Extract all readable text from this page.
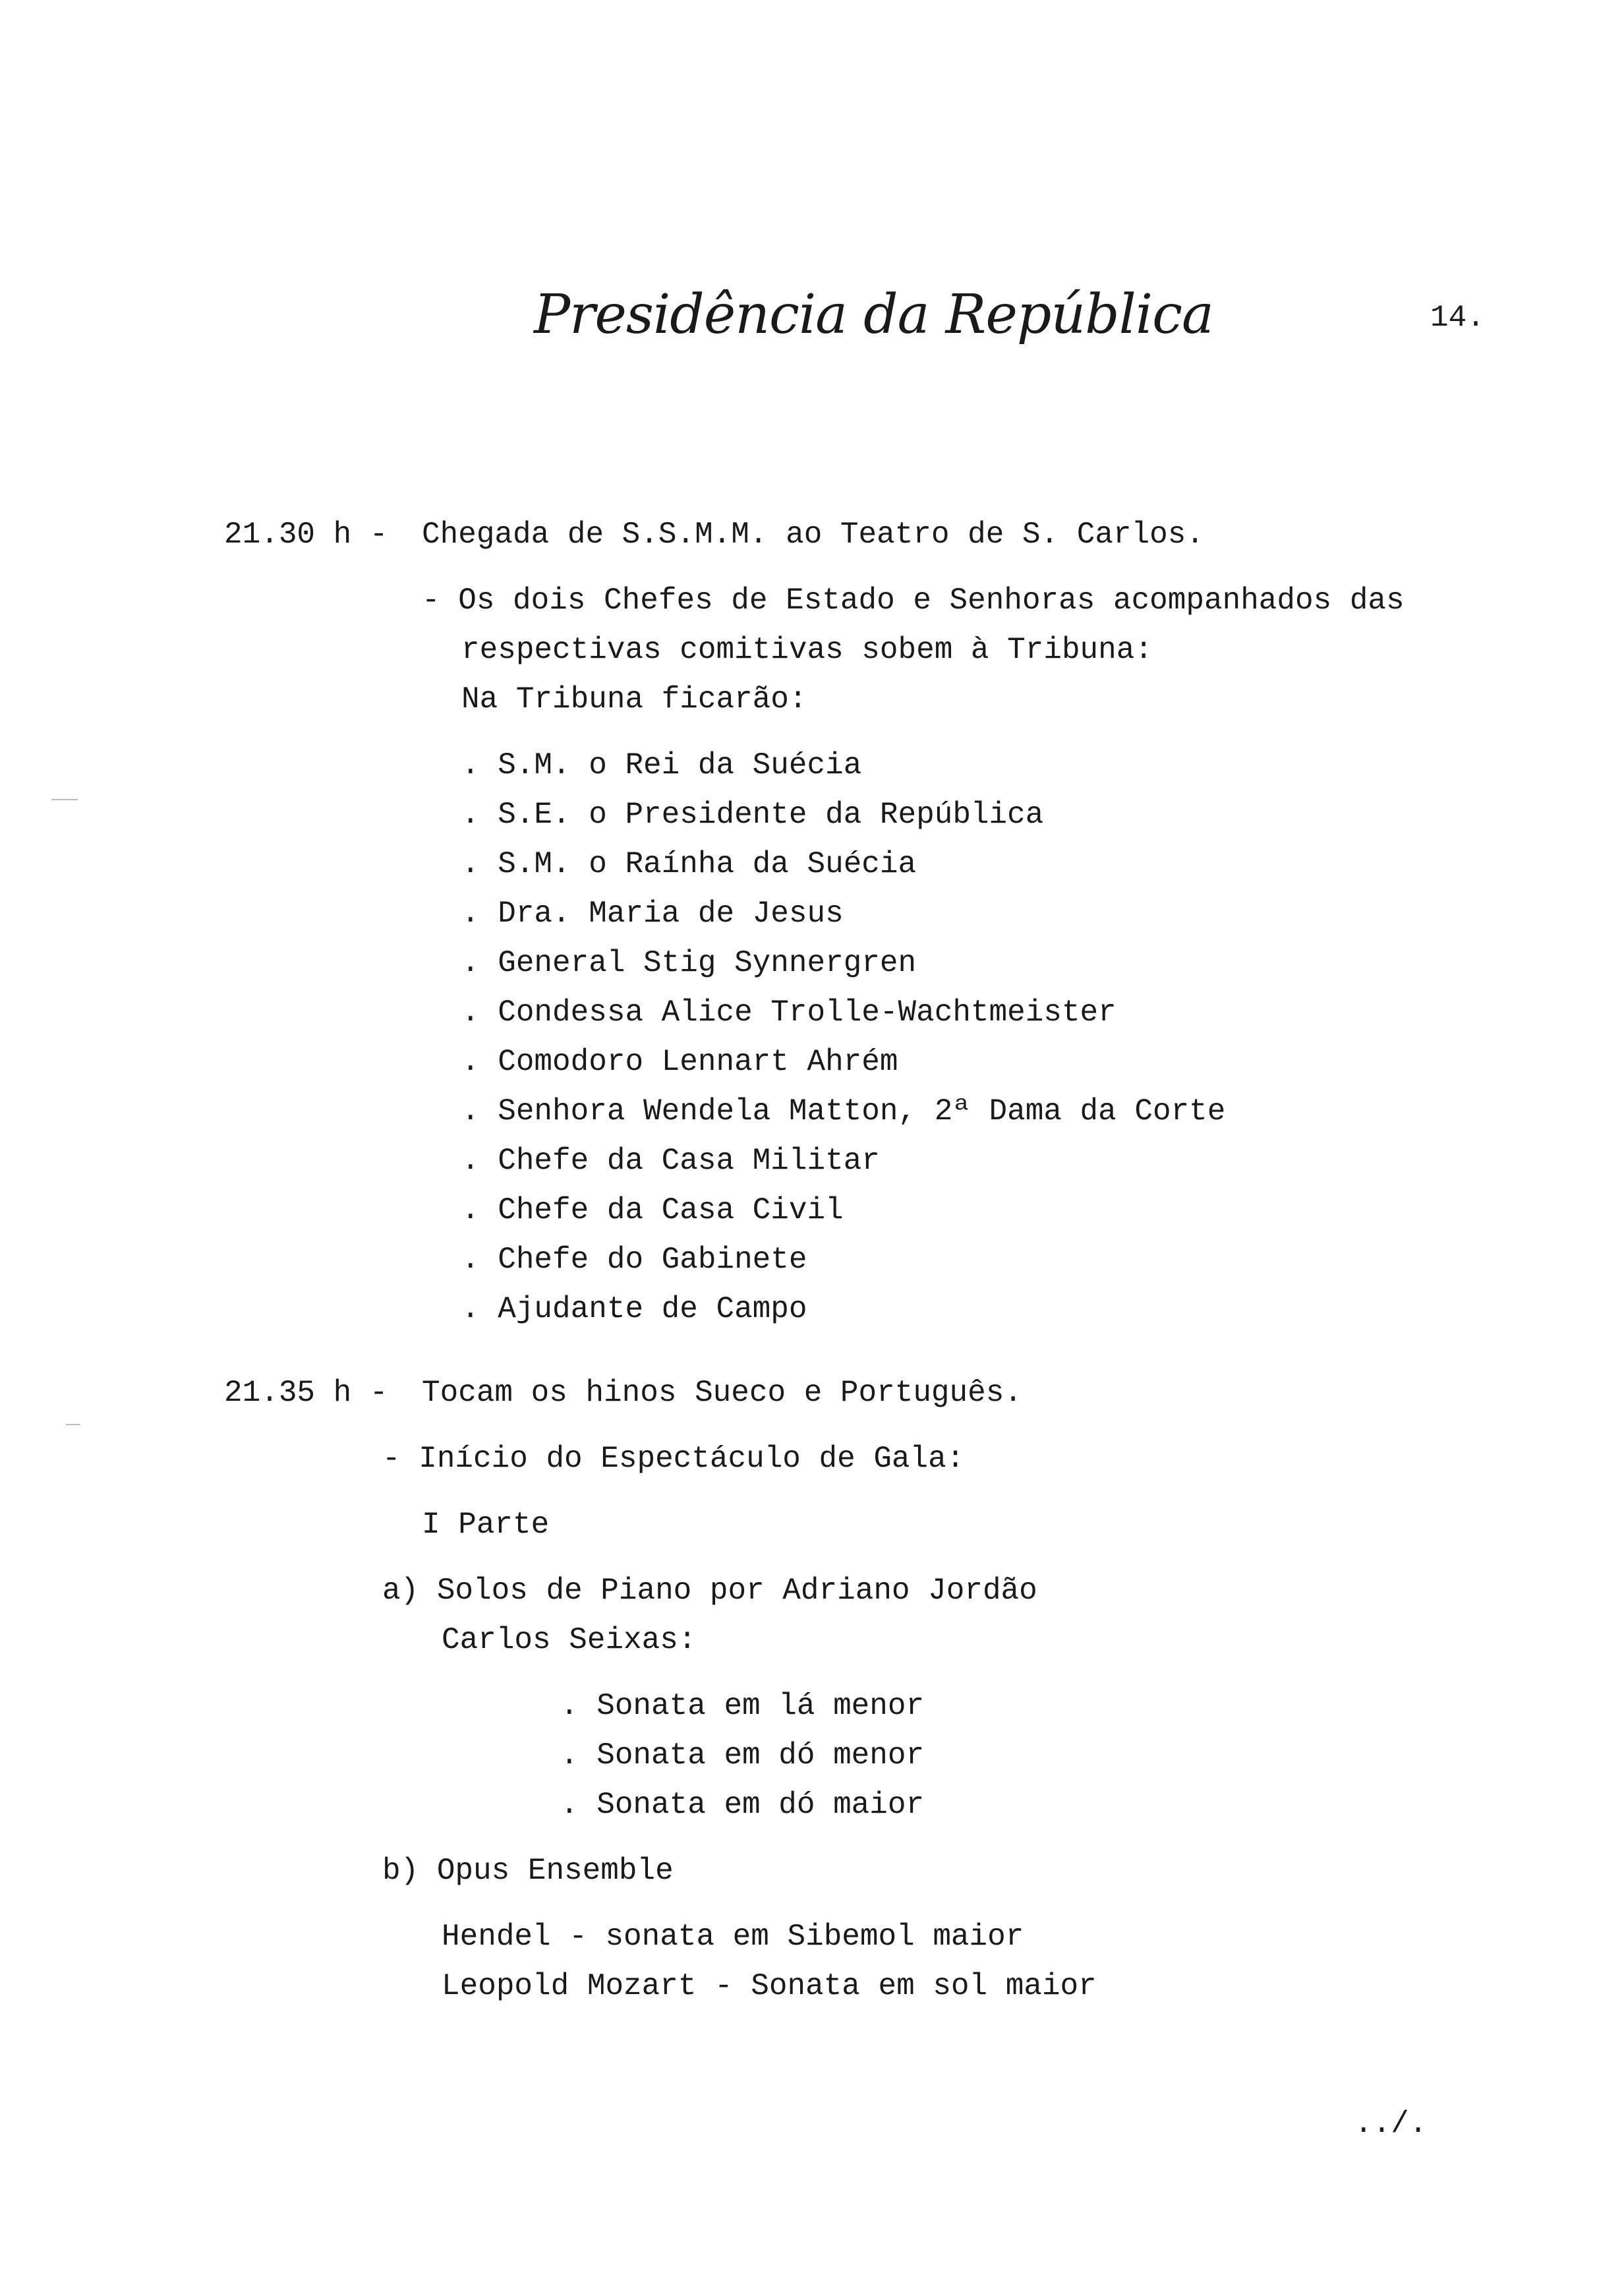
Presidência da República	14.
21.30 h - Chegada de S.S.M.M. ao Teatro de S. Carlos.
- Os dois Chefes de Estado e Senhoras acompanhados das
respectivas comitivas sobem à Tribuna:
Na Tribuna ficarão:
. S.M. o Rei da Suécia
. S.E. o Presidente da República
. S.M. o Raínha da Suécia
. Dra. Maria de Jesus
. General Stig Synnergren
. Condessa Alice Trolle-Wachtmeister
. Comodoro Lennart Ahrém
. Senhora Wendela Matton, 2ª Dama da Corte
. Chefe da Casa Militar
. Chefe da Casa Civil
. Chefe do Gabinete
. Ajudante de Campo
21.35 h - Tocam os hinos Sueco e Português.
- Início do Espectáculo de Gala:
I Parte
a) Solos de Piano por Adriano Jordão
Carlos Seixas:
. Sonata em lá menor
. Sonata em dó menor
. Sonata em dó maior
b) Opus Ensemble
Hendel - sonata em Sibemol maior
Leopold Mozart - Sonata em sol maior
../.
